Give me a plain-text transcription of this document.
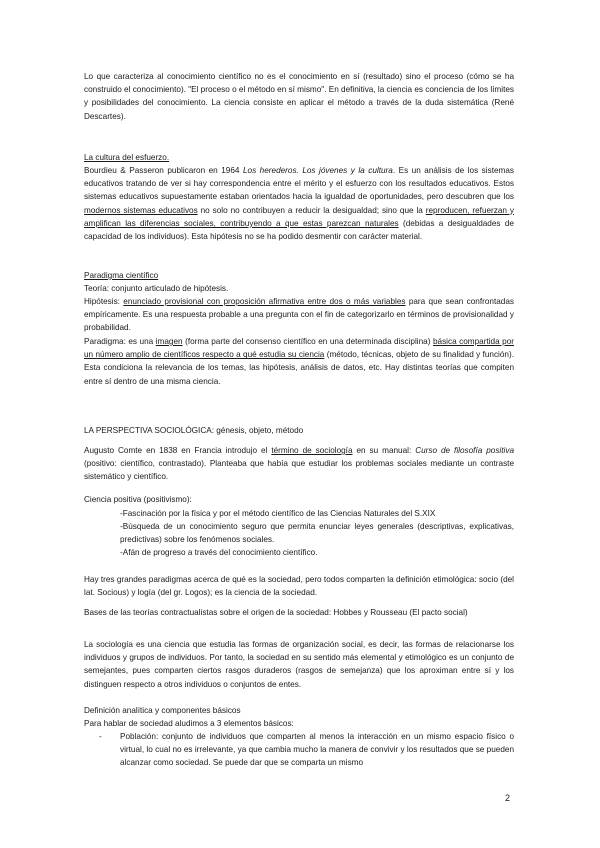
Lo que caracteriza al conocimiento científico no es el conocimiento en sí (resultado) sino el proceso (cómo se ha construido el conocimiento). "El proceso o el método en sí mismo". En definitiva, la ciencia es conciencia de los límites y posibilidades del conocimiento. La ciencia consiste en aplicar el método a través de la duda sistemática (René Descartes).

La cultura del esfuerzo.

Bourdieu & Passeron publicaron en 1964 Los herederos. Los jóvenes y la cultura. Es un análisis de los sistemas educativos tratando de ver si hay correspondencia entre el mérito y el esfuerzo con los resultados educativos. Estos sistemas educativos supuestamente estaban orientados hacia la igualdad de oportunidades, pero descubren que los modernos sistemas educativos no solo no contribuyen a reducir la desigualdad; sino que la reproducen, refuerzan y amplifican las diferencias sociales, contribuyendo a que estas parezcan naturales (debidas a desigualdades de capacidad de los individuos). Esta hipótesis no se ha podido desmentir con carácter material.

Paradigma científico

Teoría: conjunto articulado de hipótesis.

Hipótesis: enunciado provisional con proposición afirmativa entre dos o más variables para que sean confrontadas empíricamente. Es una respuesta probable a una pregunta con el fin de categorizarlo en términos de provisionalidad y probabilidad.

Paradigma: es una imagen (forma parte del consenso científico en una determinada disciplina) básica compartida por un número amplio de científicos respecto a qué estudia su ciencia (método, técnicas, objeto de su finalidad y función). Esta condiciona la relevancia de los temas, las hipótesis, análisis de datos, etc. Hay distintas teorías que compiten entre sí dentro de una misma ciencia.

LA PERSPECTIVA SOCIOLÓGICA: génesis, objeto, método

Augusto Comte en 1838 en Francia introdujo el término de sociología en su manual: Curso de filosofía positiva (positivo: científico, contrastado). Planteaba que había que estudiar los problemas sociales mediante un contraste sistemático y científico.

Ciencia positiva (positivismo):

-Fascinación por la física y por el método científico de las Ciencias Naturales del S.XIX

-Búsqueda de un conocimiento seguro que permita enunciar leyes generales (descriptivas, explicativas, predictivas) sobre los fenómenos sociales.

-Afán de progreso a través del conocimiento científico.

Hay tres grandes paradigmas acerca de qué es la sociedad, pero todos comparten la definición etimológica: socio (del lat. Socious) y logía (del gr. Logos); es la ciencia de la sociedad.

Bases de las teorías contractualistas sobre el origen de la sociedad: Hobbes y Rousseau (El pacto social)

La sociología es una ciencia que estudia las formas de organización social, es decir, las formas de relacionarse los individuos y grupos de individuos. Por tanto, la sociedad en su sentido más elemental y etimológico es un conjunto de semejantes, pues comparten ciertos rasgos duraderos (rasgos de semejanza) que los aproximan entre sí y los distinguen respecto a otros individuos o conjuntos de entes.

Definición analítica y componentes básicos

Para hablar de sociedad aludimos a 3 elementos básicos:

- Población: conjunto de individuos que comparten al menos la interacción en un mismo espacio físico o virtual, lo cual no es irrelevante, ya que cambia mucho la manera de convivir y los resultados que se pueden alcanzar como sociedad. Se puede dar que se comparta un mismo

2
